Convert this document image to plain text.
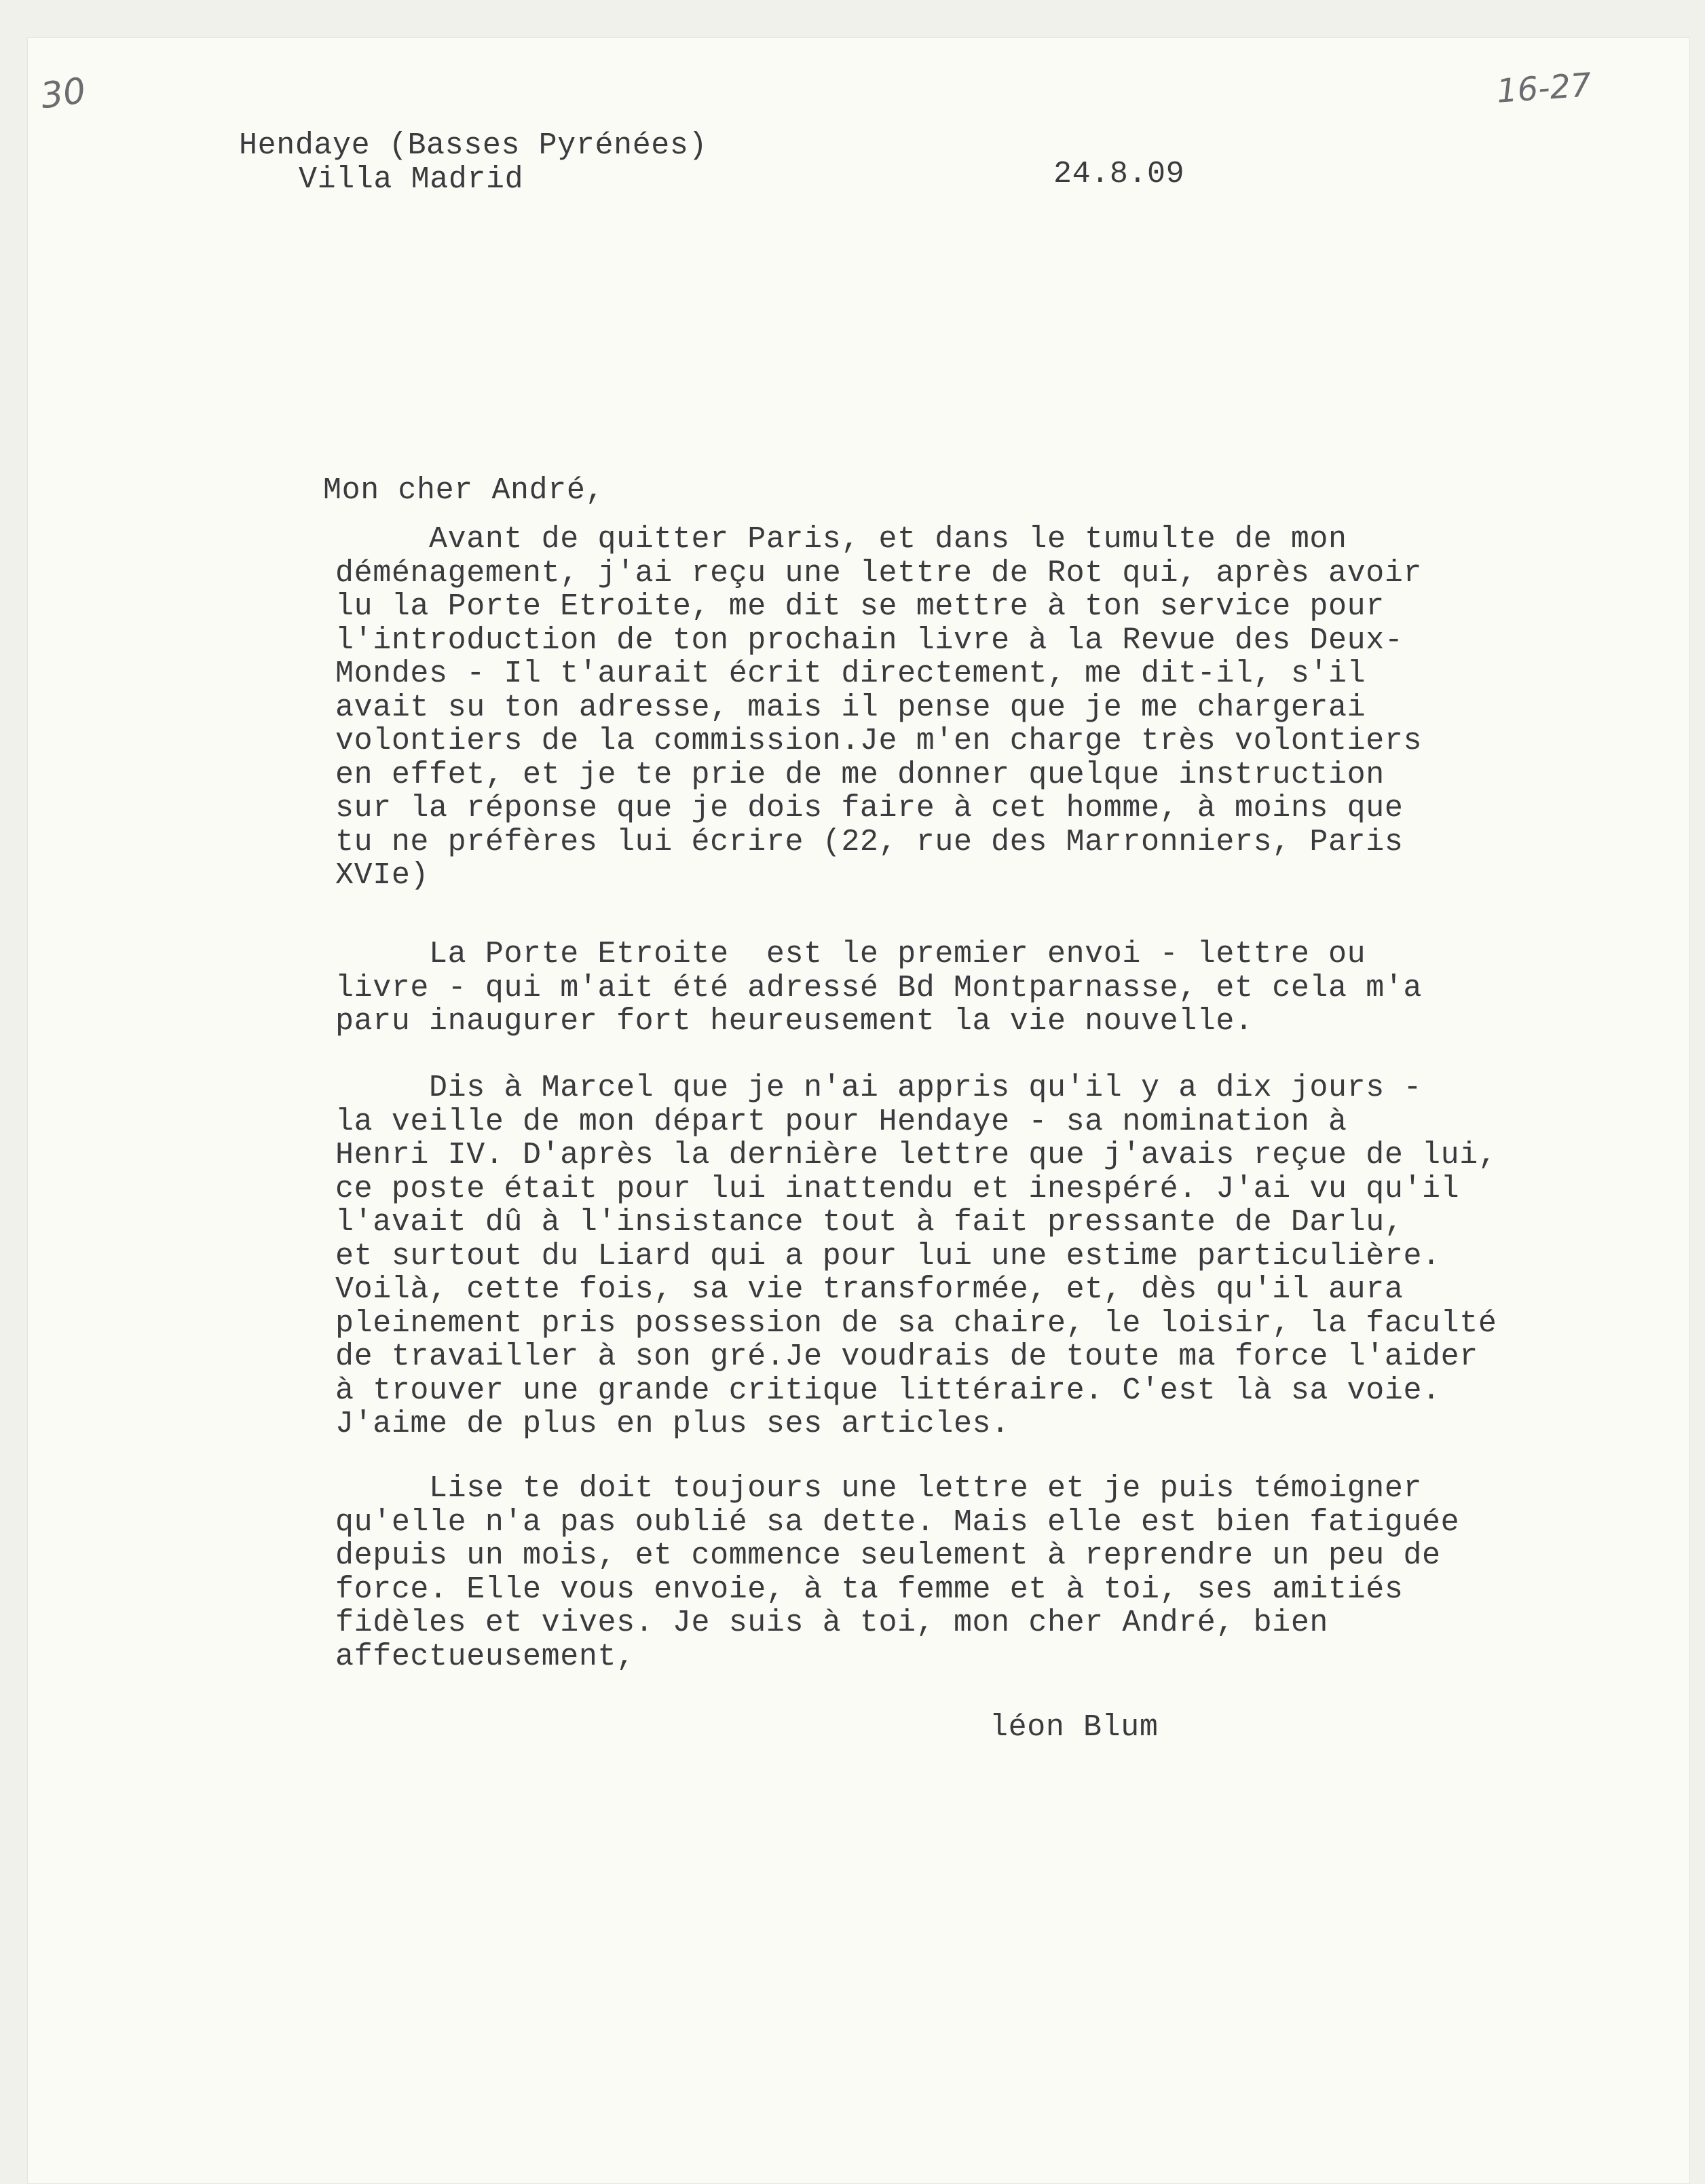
30	16-27
Hendaye (Basses Pyrénées)
Villa Madrid	24.8.09
Mon cher André,
Avant de quitter Paris, et dans le tumulte de mon
déménagement, j'ai reçu une lettre de Rot qui, après avoir
lu la Porte Etroite, me dit se mettre à ton service pour
l'introduction de ton prochain livre à la Revue des Deux-
Mondes - Il t'aurait écrit directement, me dit-il, s'il
avait su ton adresse, mais il pense que je me chargerai
volontiers de la commission.Je m'en charge très volontiers
en effet, et je te prie de me donner quelque instruction
sur la réponse que je dois faire à cet homme, à moins que
tu ne préfères lui écrire (22, rue des Marronniers, Paris
XVIe)
La Porte Etroite  est le premier envoi - lettre ou
livre - qui m'ait été adressé Bd Montparnasse, et cela m'a
paru inaugurer fort heureusement la vie nouvelle.
Dis à Marcel que je n'ai appris qu'il y a dix jours -
la veille de mon départ pour Hendaye - sa nomination à
Henri IV. D'après la dernière lettre que j'avais reçue de lui,
ce poste était pour lui inattendu et inespéré. J'ai vu qu'il
l'avait dû à l'insistance tout à fait pressante de Darlu,
et surtout du Liard qui a pour lui une estime particulière.
Voilà, cette fois, sa vie transformée, et, dès qu'il aura
pleinement pris possession de sa chaire, le loisir, la faculté
de travailler à son gré.Je voudrais de toute ma force l'aider
à trouver une grande critique littéraire. C'est là sa voie.
J'aime de plus en plus ses articles.
Lise te doit toujours une lettre et je puis témoigner
qu'elle n'a pas oublié sa dette. Mais elle est bien fatiguée
depuis un mois, et commence seulement à reprendre un peu de
force. Elle vous envoie, à ta femme et à toi, ses amitiés
fidèles et vives. Je suis à toi, mon cher André, bien
affectueusement,
léon Blum
